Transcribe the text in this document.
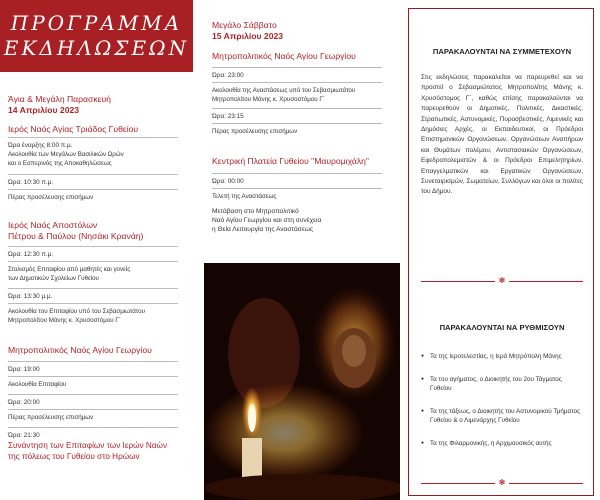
ΠΡΟΓΡΑΜΜΑ
ΕΚΔΗΛΩΣΕΩΝ
Άγια & Μεγάλη Παρασκευή
14 Απριλίου 2023
Ιερός Ναός Αγίας Τριάδος Γυθείου
Ώρα έναρξης 8:00 π.μ.
Ακολουθία των Μεγάλων Βασιλικών Ωρών
και ο Εσπερινός της Αποκαθηλώσεως
Ώρα: 10:30 π.μ.
Πέρας προσέλευσης επισήμων
Ιερός Ναός Αποστόλων
Πέτρου & Παύλου (Νησάκι Κρανάη)
Ώρα: 12:30 π.μ.
Στολισμός Επιταφίου από μαθητές και γονείς
των Δημοτικών Σχολείων Γυθείου
Ώρα: 13:30 μ.μ.
Ακολουθία του Επιταφίου υπό του Σεβασμιωτάτου
Μητροπολίτου Μάνης κ. Χρυσοστόμου Γ΄
Μητροπολιτικός Ναός Αγίου Γεωργίου
Ώρα: 19:00
Ακολουθία Επιταφίου
Ώρα: 20:00
Πέρας προσέλευσης επισήμων
Ώρα: 21:30
Συνάντηση των Επιταφίων των Ιερών Ναών
της πόλεως του Γυθείου στο Ηρώων
Μεγάλο Σάββατο
15 Απριλίου 2023
Μητροπολιτικός Ναός Αγίου Γεωργίου
Ώρα: 23:00
Ακολουθία της Αναστάσεως υπό του Σεβασμιωτάτου
Μητροπολίτου Μάνης κ. Χρυσοστόμου Γ΄
Ώρα: 23:15
Πέρας προσέλευσης επισήμων
Κεντρική Πλατεία Γυθείου "Μαυρομιχάλη"
Ώρα: 00:00
Τελετή της Αναστάσεως
Μετάβαση στο Μητροπολιτικό
Ναό Αγίου Γεωργίου και στη συνέχεια
η Θεία Λειτουργία της Αναστάσεως
ΠΑΡΑΚΑΛΟΥΝΤΑΙ ΝΑ ΣΥΜΜΕΤΕΧΟΥΝ

Στις εκδηλώσεις παρακαλείται να παρευρεθεί και να προστεί ο Σεβασμιώτατος Μητροπολίτης Μάνης κ. Χρυσόστομος Γ΄, καθώς επίσης παρακαλούνται να παρευρεθούν οι Δημοτικές, Πολιτικές, Δικαστικές, Στρατιωτικές, Αστυνομικές, Πυροσβεστικές, Λιμενικές και Δημόσιες Αρχές, οι Εκπαιδευτικοί, οι Πρόεδροι Επιστημονικών Οργανώσεων, Οργανώσεων Αναπήρων και Θυμάτων πολέμου, Αντιστασιακών Οργανώσεων, Εφεδροπολεμιστών & οι Πρόεδροι Επιμελητηρίων, Επαγγελματικών και Εργατικών Οργανώσεων, Συνεταιρισμών, Σωματείων, Συλλόγων και όλοι οι πολίτες του Δήμου.

❃
ΠΑΡΑΚΑΛΟΥΝΤΑΙ ΝΑ ΡΥΘΜΙΣΟΥΝ
● Τα της Ιεροτελεστίας, η Ιερά Μητρόπολη Μάνης
● Τα του αγήματος, ο Διοικητής του 2ου Τάγματος Γυθείου
● Τα της τάξεως, ο Διοικητής του Αστυνομικού Τμήματος Γυθείου & ο Λιμενάρχης Γυθείου
● Τα της Φιλαρμονικής, η Αρχιμουσικός αυτής
❃
